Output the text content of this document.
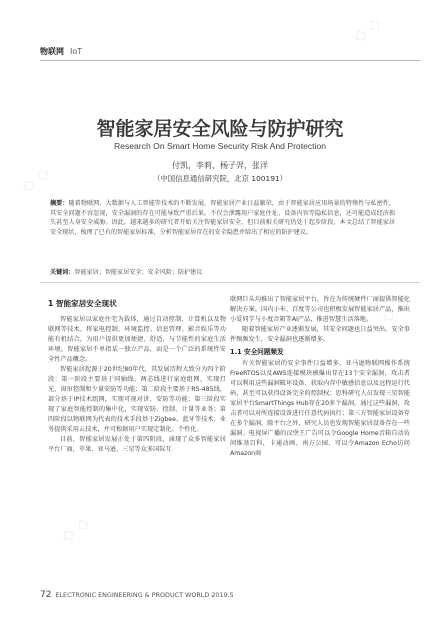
◇ ◇
◇ ◇
◇ ◇
◇ ◇
物联网 IoT
智能家居安全风险与防护研究
Research On Smart Home Security Risk And Protection
付凯，李莉，杨子羿，张洋
（中国信息通信研究院，北京 100191）
摘要：随着物联网、大数据与人工智能等技术的不断发展，智能家居产业日益繁荣，由于智能家居应用场景的特殊性与私密性，其安全问题不容忽视，安全漏洞的存在可能导致严重后果。不仅会泄露用户家庭住址、设备内容等隐私信息，还可能造成经济损失甚至人身安全威胁。因此，越来越多的研究者开始关注智能家居安全，但目前相关研究仍处于起步阶段，本文总结了智能家居安全现状，梳理了已有的智能家居标准，分析智能家居存在的安全隐患并给出了相应的防护建议。
关键词：智能家居；智能家居安全；安全风险；防护建议
1 智能家居安全现状

智能家居以家庭住宅为载体，通过自动控制、计算机以及物联网等技术，将家电控制、环境监控、信息管理、影音娱乐等功能有机结合，为用户提供更加便捷、舒适、与节能性的家庭生活环境。智能家居不单指某一独立产品，而是一个广泛的系统性安全性产品概念。

智能家居起源于20世纪80年代，其发展历程大致分为四个阶段：第一阶段主要基于同轴线、两芯线进行家庭组网，实现灯光、窗帘控制和少量安防等功能；第二阶段主要基于RS-485线，部分基于IP技术组网，实现可视对讲、安防等功能；第三阶段实现了家庭智能控制的集中化，实现安防、控制、计量等业务；第四阶段以物联网为代表的技术手段基于Zigbee、蓝牙等技术，业务提供采用云技术，并可根据用户实现定制化、个性化。

目前，智能家居发展正处于第四阶段，涌现了众多智能家居平台厂商，苹果、亚马逊、三星等众多国际互

联网巨头均推出了智能家居平台，旨在为传统硬件厂商提供智能化解决方案。国内小米、百度等公司也积极发展智能家居产品，推出小爱同学与小度音箱等AI产品，推进智慧生活落地。

随着智能家居产业逐渐发展，其安全问题也日益突出，安全事件频频发生，安全漏洞也逐渐增多。

1.1 安全问题频发

有关智能家居的安全事件日益增多，亚马逊物联网操作系统FreeRTOS以及AWS连接模块被爆出存在13个安全漏洞，攻击者可以利用这些漏洞破坏设备、获取内存中敏感信息以及远程运行代码，甚至可以获得设备完全的控制权；思科研究人员发现三星智能家居平台SmartThings Hub存在20多个漏洞，通过这些漏洞，攻击者可以对所连接设备进行任意代码执行；第三方智能家居设备存在多个漏洞，除平台之外，研究人员也发现智能家居设备存在一些漏洞。电视屏广播的汉堡王广告可以令Google Home音箱自动访问维基百科，卡通动画、南方公园、可以令Amazon Echo访问Amazon商

72 ELECTRONIC ENGINEERING & PRODUCT WORLD 2019.5
